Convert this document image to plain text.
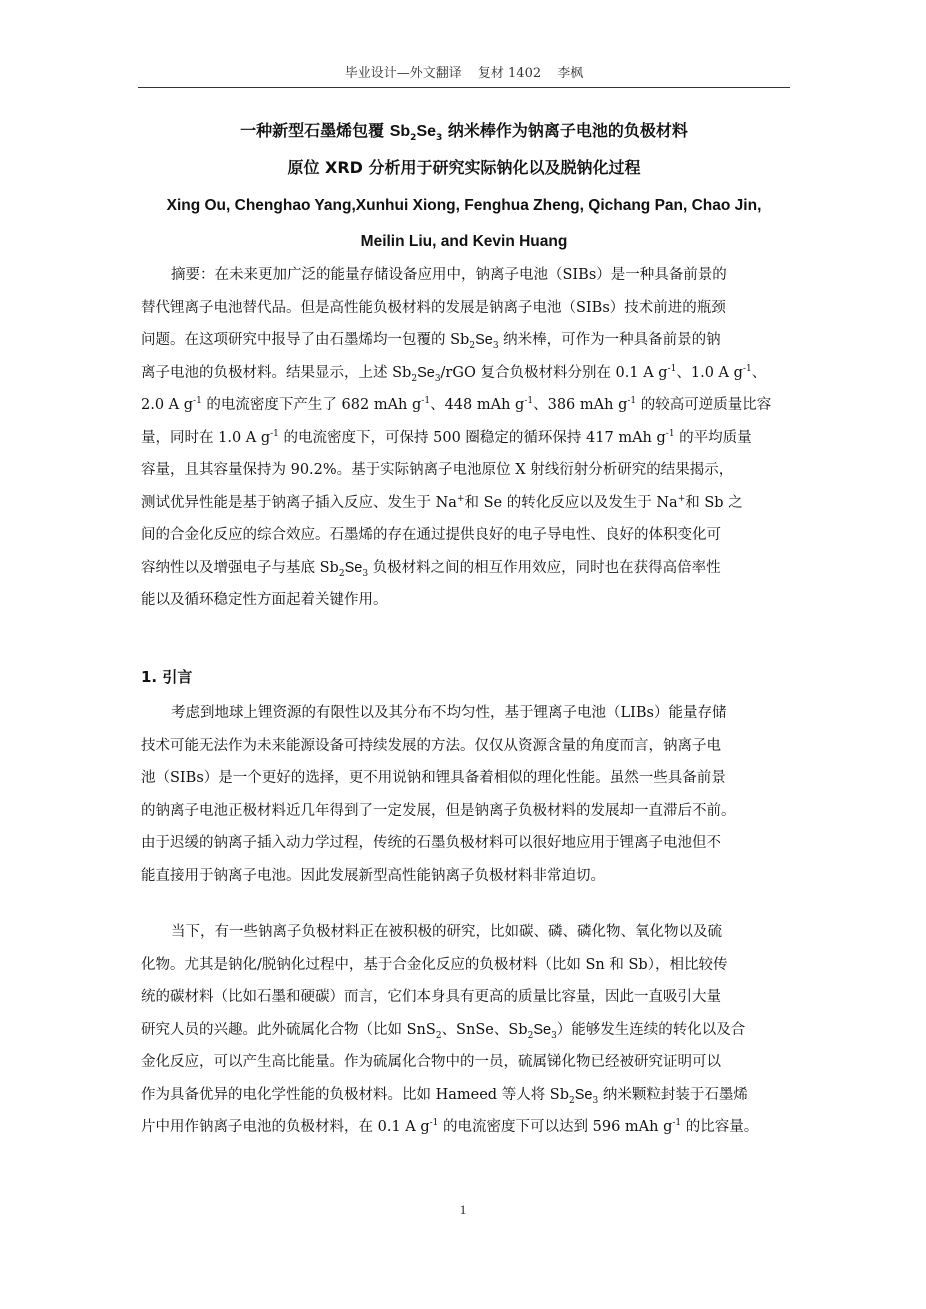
毕业设计—外文翻译 复材 1402 李枫
一种新型石墨烯包覆 $Sb_2Se_3$ 纳米棒作为钠离子电池的负极材料
原位 XRD 分析用于研究实际钠化以及脱钠化过程
Xing Ou, Chenghao Yang,Xunhui Xiong, Fenghua Zheng, Qichang Pan, Chao Jin,
Meilin Liu, and Kevin Huang

摘要：在未来更加广泛的能量存储设备应用中，钠离子电池（SIBs）是一种具备前景的
替代锂离子电池替代品。但是高性能负极材料的发展是钠离子电池（SIBs）技术前进的瓶颈
问题。在这项研究中报导了由石墨烯均一包覆的 $Sb_2Se_3$ 纳米棒，可作为一种具备前景的钠
离子电池的负极材料。结果显示，上述 $Sb_2Se_3$/rGO 复合负极材料分别在 0.1 A $g^{-1}$、1.0 A $g^{-1}$、
2.0 A $g^{-1}$ 的电流密度下产生了 682 mAh $g^{-1}$、448 mAh $g^{-1}$、386 mAh $g^{-1}$ 的较高可逆质量比容
量，同时在 1.0 A $g^{-1}$ 的电流密度下，可保持 500 圈稳定的循环保持 417 mAh $g^{-1}$ 的平均质量
容量，且其容量保持为 90.2%。基于实际钠离子电池原位 X 射线衍射分析研究的结果揭示，
测试优异性能是基于钠离子插入反应、发生于 Na+和 Se 的转化反应以及发生于 Na+和 Sb 之
间的合金化反应的综合效应。石墨烯的存在通过提供良好的电子导电性、良好的体积变化可
容纳性以及增强电子与基底 $Sb_2Se_3$ 负极材料之间的相互作用效应，同时也在获得高倍率性
能以及循环稳定性方面起着关键作用。

1. 引言

考虑到地球上锂资源的有限性以及其分布不均匀性，基于锂离子电池（LIBs）能量存储
技术可能无法作为未来能源设备可持续发展的方法。仅仅从资源含量的角度而言，钠离子电
池（SIBs）是一个更好的选择，更不用说钠和锂具备着相似的理化性能。虽然一些具备前景
的钠离子电池正极材料近几年得到了一定发展，但是钠离子负极材料的发展却一直滞后不前。
由于迟缓的钠离子插入动力学过程，传统的石墨负极材料可以很好地应用于锂离子电池但不
能直接用于钠离子电池。因此发展新型高性能钠离子负极材料非常迫切。

当下，有一些钠离子负极材料正在被积极的研究，比如碳、磷、磷化物、氧化物以及硫
化物。尤其是钠化/脱钠化过程中，基于合金化反应的负极材料（比如 Sn 和 Sb），相比较传
统的碳材料（比如石墨和硬碳）而言，它们本身具有更高的质量比容量，因此一直吸引大量
研究人员的兴趣。此外硫属化合物（比如 SnS$_2$、SnSe、$Sb_2Se_3$）能够发生连续的转化以及合
金化反应，可以产生高比能量。作为硫属化合物中的一员，硫属锑化物已经被研究证明可以
作为具备优异的电化学性能的负极材料。比如 Hameed 等人将 $Sb_2Se_3$ 纳米颗粒封装于石墨烯
片中用作钠离子电池的负极材料，在 0.1 A $g^{-1}$ 的电流密度下可以达到 596 mAh $g^{-1}$ 的比容量。

1
